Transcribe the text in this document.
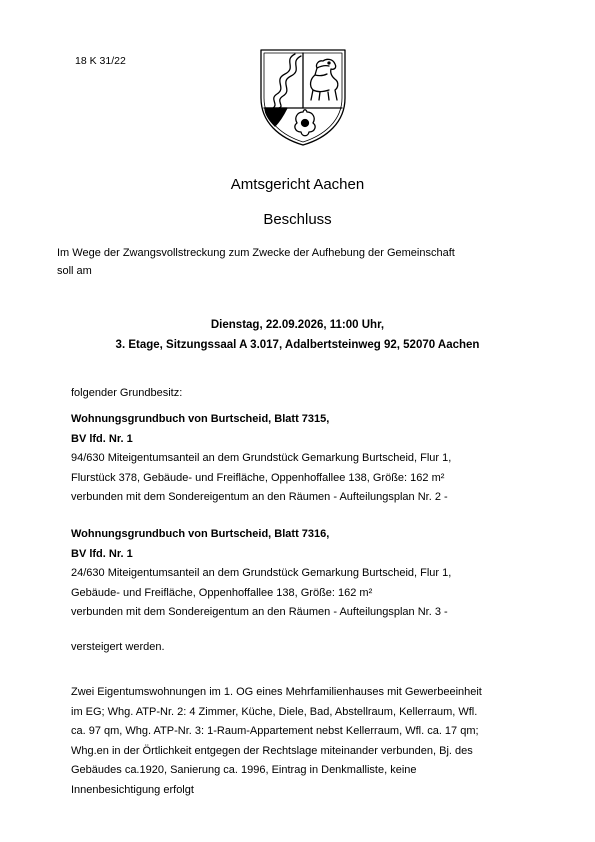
18 K 31/22
Amtsgericht Aachen
Beschluss
Im Wege der Zwangsvollstreckung zum Zwecke der Aufhebung der Gemeinschaft
soll am
Dienstag, 22.09.2026, 11:00 Uhr,
3. Etage, Sitzungssaal A 3.017, Adalbertsteinweg 92, 52070 Aachen
folgender Grundbesitz:
Wohnungsgrundbuch von Burtscheid, Blatt 7315,
BV lfd. Nr. 1
94/630 Miteigentumsanteil an dem Grundstück Gemarkung Burtscheid, Flur 1,
Flurstück 378, Gebäude- und Freifläche, Oppenhoffallee 138, Größe: 162 m²
verbunden mit dem Sondereigentum an den Räumen - Aufteilungsplan Nr. 2 -
Wohnungsgrundbuch von Burtscheid, Blatt 7316,
BV lfd. Nr. 1
24/630 Miteigentumsanteil an dem Grundstück Gemarkung Burtscheid, Flur 1,
Gebäude- und Freifläche, Oppenhoffallee 138, Größe: 162 m²
verbunden mit dem Sondereigentum an den Räumen - Aufteilungsplan Nr. 3 -
versteigert werden.
Zwei Eigentumswohnungen im 1. OG eines Mehrfamilienhauses mit Gewerbeeinheit
im EG; Whg. ATP-Nr. 2: 4 Zimmer, Küche, Diele, Bad, Abstellraum, Kellerraum, Wfl.
ca. 97 qm, Whg. ATP-Nr. 3: 1-Raum-Appartement nebst Kellerraum, Wfl. ca. 17 qm;
Whg.en in der Örtlichkeit entgegen der Rechtslage miteinander verbunden, Bj. des
Gebäudes ca.1920, Sanierung ca. 1996, Eintrag in Denkmalliste, keine
Innenbesichtigung erfolgt
